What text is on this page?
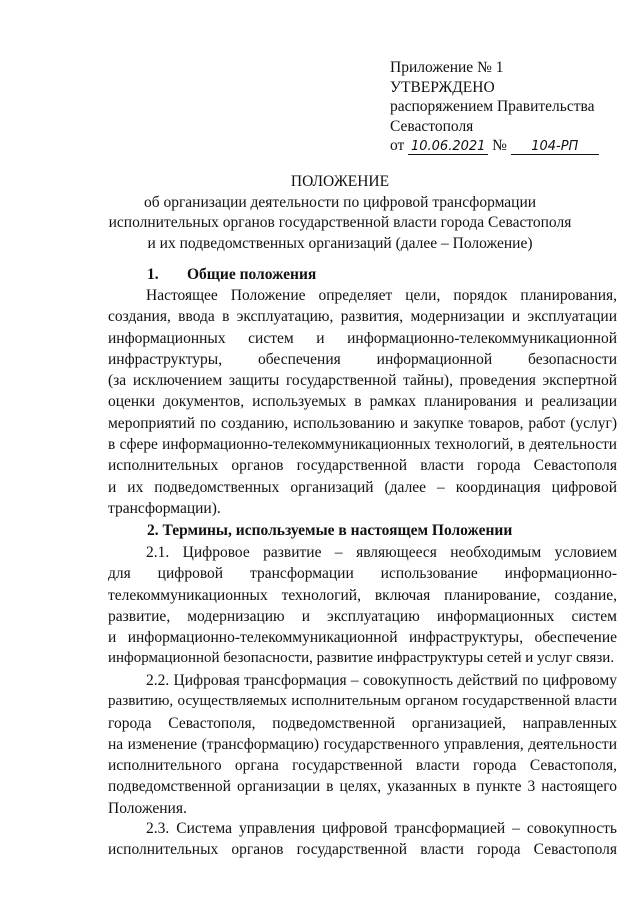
Приложение № 1
УТВЕРЖДЕНО
распоряжением Правительства
Севастополя
от 10.06.2021 № 104-РП
ПОЛОЖЕНИЕ
об организации деятельности по цифровой трансформации
исполнительных органов государственной власти города Севастополя
и их подведомственных организаций (далее – Положение)
1. Общие положения
Настоящее Положение определяет цели, порядок планирования,
создания, ввода в эксплуатацию, развития, модернизации и эксплуатации
информационных систем и информационно-телекоммуникационной
инфраструктуры, обеспечения информационной безопасности
(за исключением защиты государственной тайны), проведения экспертной
оценки документов, используемых в рамках планирования и реализации
мероприятий по созданию, использованию и закупке товаров, работ (услуг)
в сфере информационно-телекоммуникационных технологий, в деятельности
исполнительных органов государственной власти города Севастополя
и их подведомственных организаций (далее – координация цифровой
трансформации).
2. Термины, используемые в настоящем Положении
2.1. Цифровое развитие – являющееся необходимым условием
для цифровой трансформации использование информационно-
телекоммуникационных технологий, включая планирование, создание,
развитие, модернизацию и эксплуатацию информационных систем
и информационно-телекоммуникационной инфраструктуры, обеспечение
информационной безопасности, развитие инфраструктуры сетей и услуг связи.
2.2. Цифровая трансформация – совокупность действий по цифровому
развитию, осуществляемых исполнительным органом государственной власти
города Севастополя, подведомственной организацией, направленных
на изменение (трансформацию) государственного управления, деятельности
исполнительного органа государственной власти города Севастополя,
подведомственной организации в целях, указанных в пункте 3 настоящего
Положения.
2.3. Система управления цифровой трансформацией – совокупность
исполнительных органов государственной власти города Севастополя
